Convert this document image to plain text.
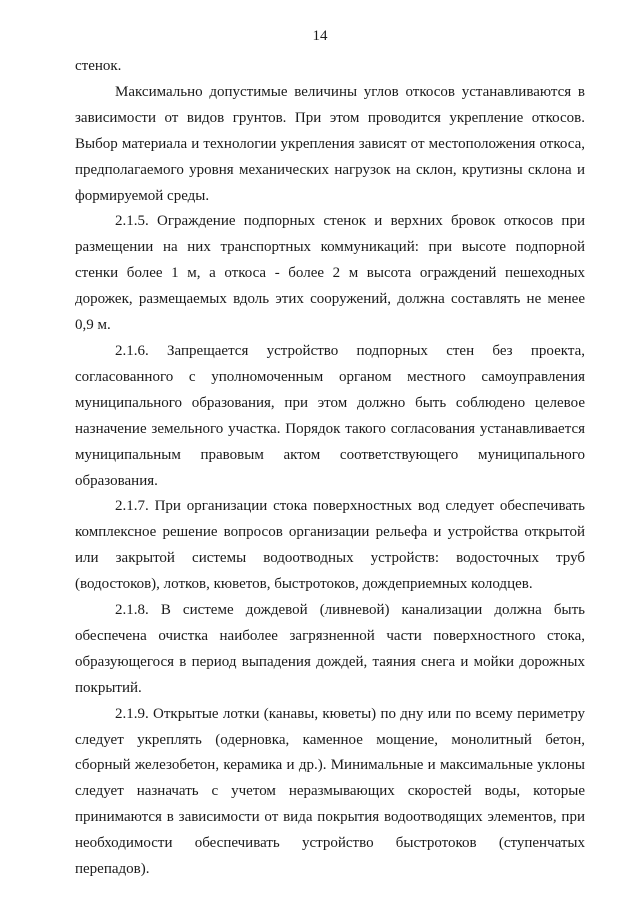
14

стенок.

Максимально допустимые величины углов откосов устанавливаются в зависимости от видов грунтов. При этом проводится укрепление откосов. Выбор материала и технологии укрепления зависят от местоположения откоса, предполагаемого уровня механических нагрузок на склон, крутизны склона и формируемой среды.

2.1.5. Ограждение подпорных стенок и верхних бровок откосов при размещении на них транспортных коммуникаций: при высоте подпорной стенки более 1 м, а откоса - более 2 м высота ограждений пешеходных дорожек, размещаемых вдоль этих сооружений, должна составлять не менее 0,9 м.

2.1.6. Запрещается устройство подпорных стен без проекта, согласованного с уполномоченным органом местного самоуправления муниципального образования, при этом должно быть соблюдено целевое назначение земельного участка. Порядок такого согласования устанавливается муниципальным правовым актом соответствующего муниципального образования.

2.1.7. При организации стока поверхностных вод следует обеспечивать комплексное решение вопросов организации рельефа и устройства открытой или закрытой системы водоотводных устройств: водосточных труб (водостоков), лотков, кюветов, быстротоков, дождеприемных колодцев.

2.1.8. В системе дождевой (ливневой) канализации должна быть обеспечена очистка наиболее загрязненной части поверхностного стока, образующегося в период выпадения дождей, таяния снега и мойки дорожных покрытий.

2.1.9. Открытые лотки (канавы, кюветы) по дну или по всему периметру следует укреплять (одерновка, каменное мощение, монолитный бетон, сборный железобетон, керамика и др.). Минимальные и максимальные уклоны следует назначать с учетом неразмывающих скоростей воды, которые принимаются в зависимости от вида покрытия водоотводящих элементов, при необходимости обеспечивать устройство быстротоков (ступенчатых перепадов).
